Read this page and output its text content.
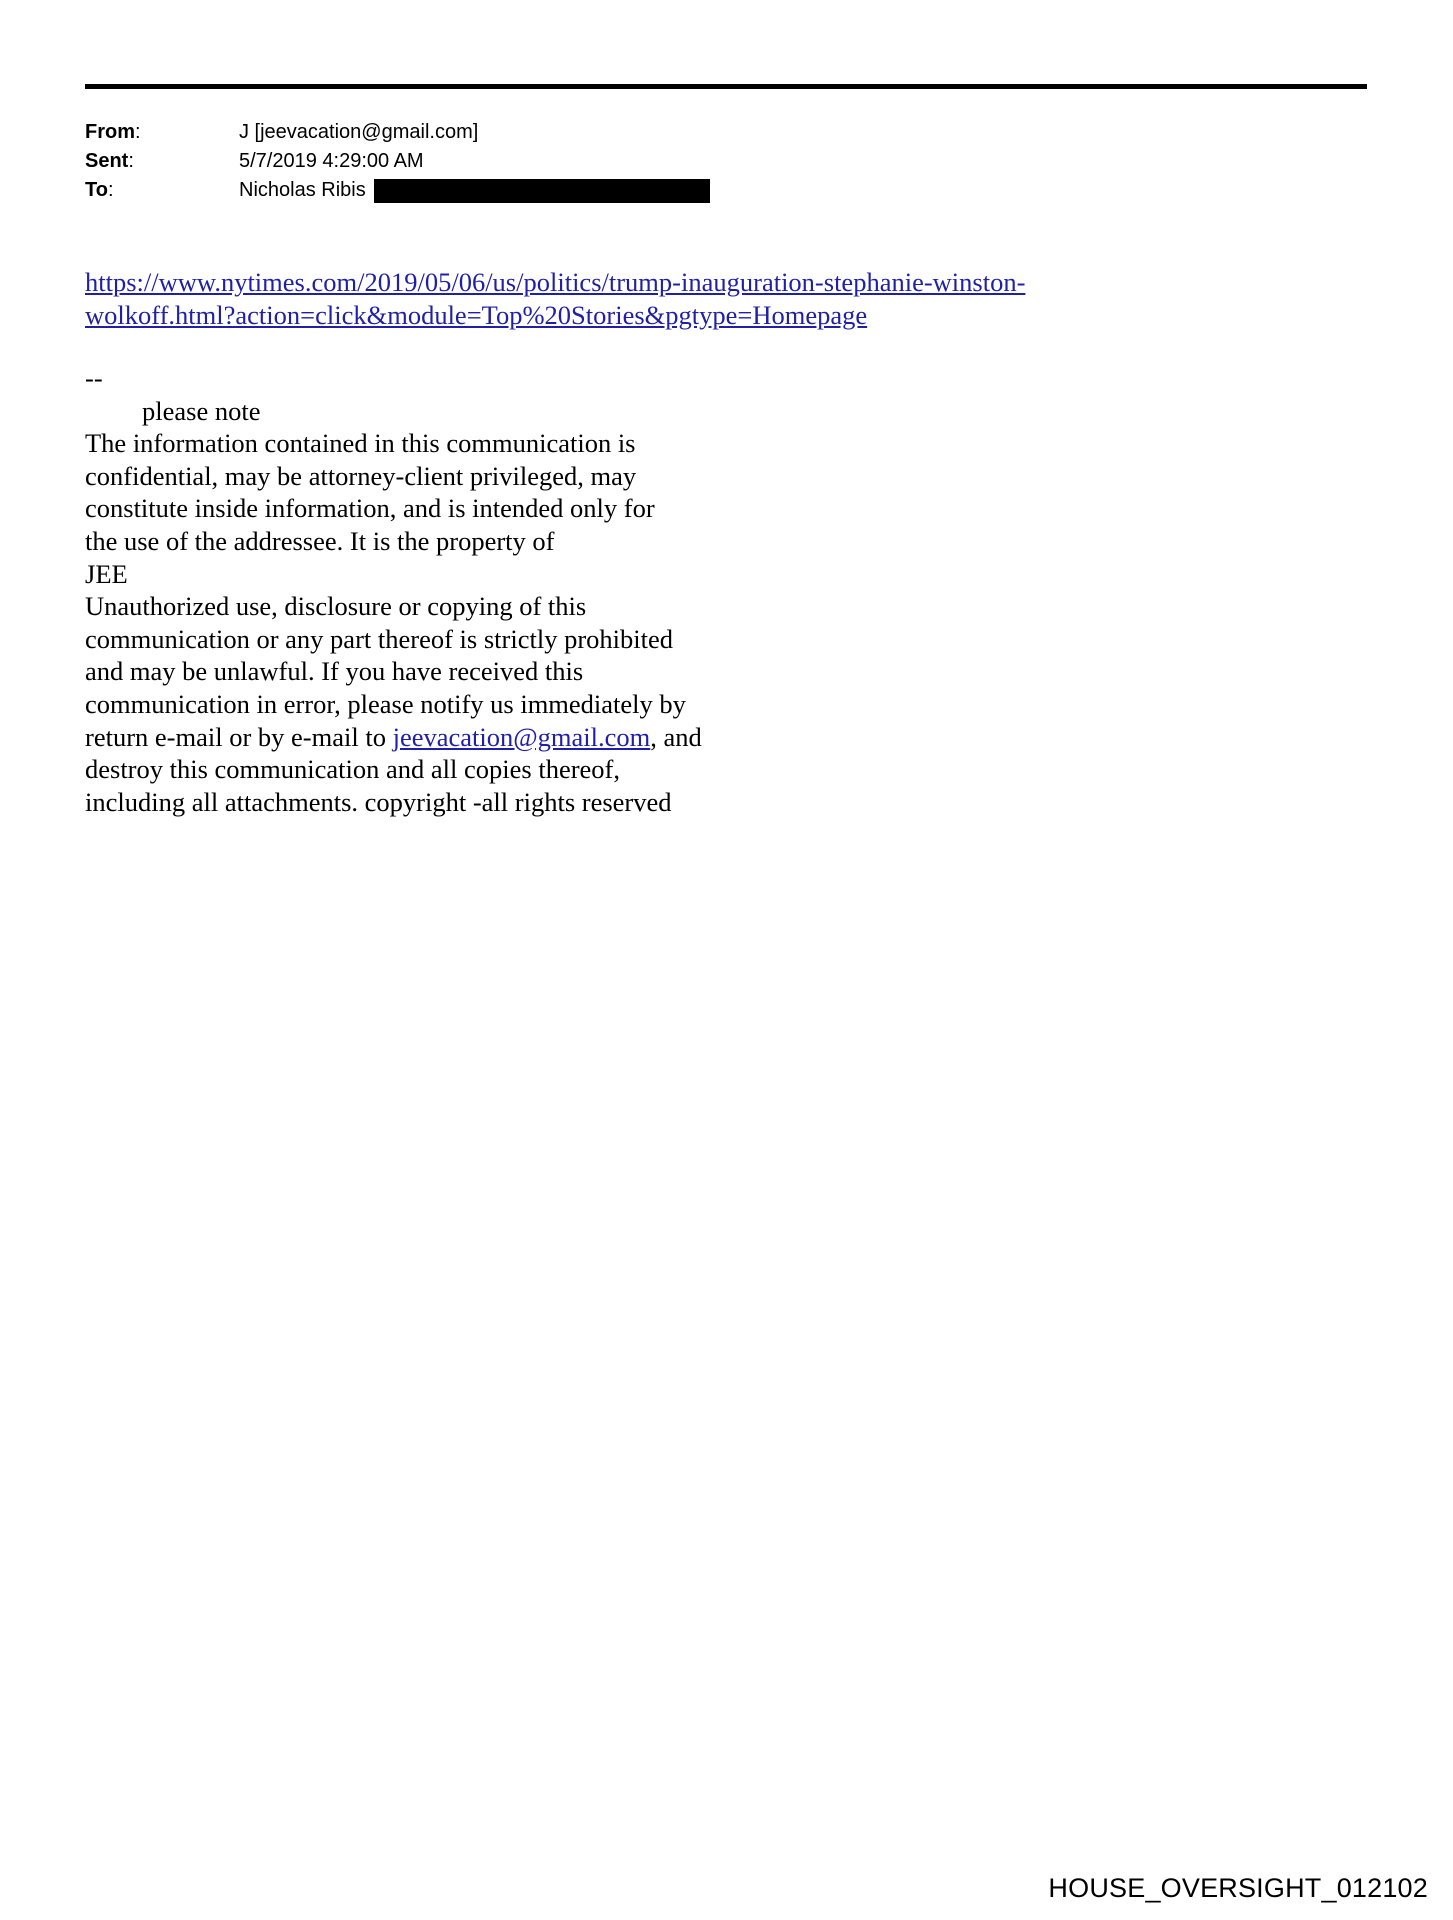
From:	J [jeevacation@gmail.com]
Sent:	5/7/2019 4:29:00 AM
To:	Nicholas Ribis
https://www.nytimes.com/2019/05/06/us/politics/trump-inauguration-stephanie-winston-
wolkoff.html?action=click&module=Top%20Stories&pgtype=Homepage
--
please note
The information contained in this communication is
confidential, may be attorney-client privileged, may
constitute inside information, and is intended only for
the use of the addressee. It is the property of
JEE
Unauthorized use, disclosure or copying of this
communication or any part thereof is strictly prohibited
and may be unlawful. If you have received this
communication in error, please notify us immediately by
return e-mail or by e-mail to jeevacation@gmail.com, and
destroy this communication and all copies thereof,
including all attachments. copyright -all rights reserved
HOUSE_OVERSIGHT_012102
